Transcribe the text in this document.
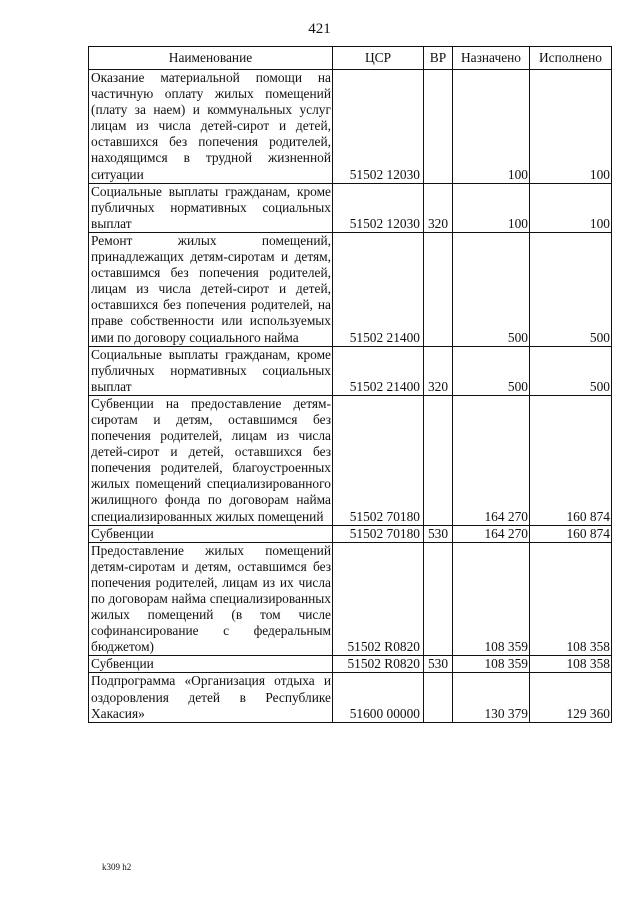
421
Наименование	ЦСР	ВР	Назначено	Исполнено
Оказание материальной помощи на частичную оплату жилых помещений (плату за наем) и коммунальных услуг лицам из числа детей-сирот и детей, оставшихся без попечения родителей, находящимся в трудной жизненной ситуации	51502 12030		100	100
Социальные выплаты гражданам, кроме публичных нормативных социальных выплат	51502 12030	320	100	100
Ремонт жилых помещений, принадлежащих детям-сиротам и детям, оставшимся без попечения родителей, лицам из числа детей-сирот и детей, оставшихся без попечения родителей, на праве собственности или используемых ими по договору социального найма	51502 21400		500	500
Социальные выплаты гражданам, кроме публичных нормативных социальных выплат	51502 21400	320	500	500
Субвенции на предоставление детям-сиротам и детям, оставшимся без попечения родителей, лицам из числа детей-сирот и детей, оставшихся без попечения родителей, благоустроенных жилых помещений специализированного жилищного фонда по договорам найма специализированных жилых помещений	51502 70180		164 270	160 874
Субвенции	51502 70180	530	164 270	160 874
Предоставление жилых помещений детям-сиротам и детям, оставшимся без попечения родителей, лицам из их числа по договорам найма специализированных жилых помещений (в том числе софинансирование с федеральным бюджетом)	51502 R0820		108 359	108 358
Субвенции	51502 R0820	530	108 359	108 358
Подпрограмма «Организация отдыха и оздоровления детей в Республике Хакасия»	51600 00000		130 379	129 360
k309 h2
